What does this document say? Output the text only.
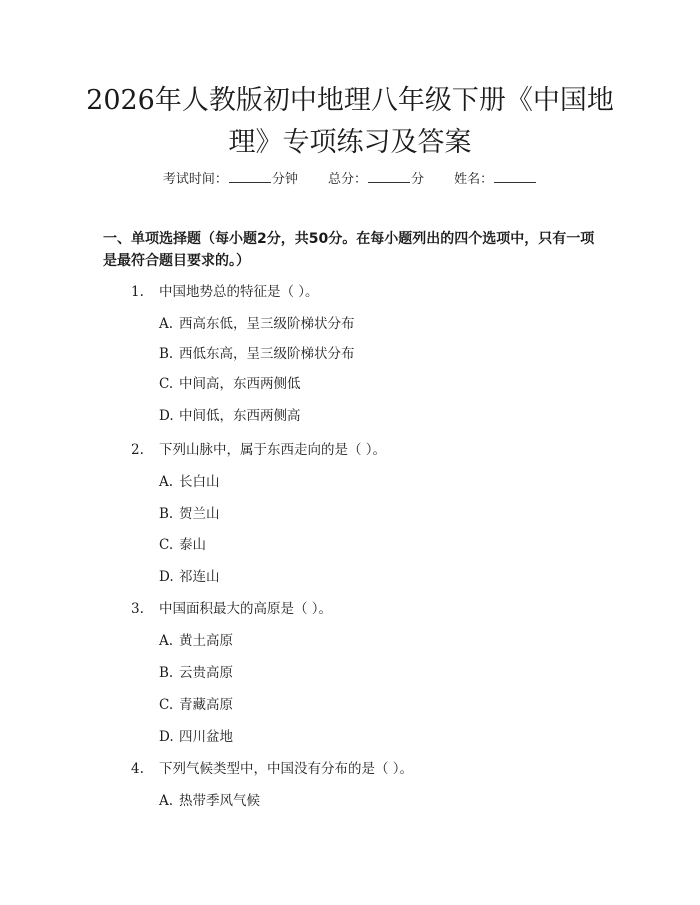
2026年人教版初中地理八年级下册《中国地理》专项练习及答案
考试时间：	分钟 总分：	分 姓名：
一、单项选择题（每小题2分，共50分。在每小题列出的四个选项中，只有一项是最符合题目要求的。）
1. 中国地势总的特征是（ ）。
A. 西高东低，呈三级阶梯状分布
B. 西低东高，呈三级阶梯状分布
C. 中间高，东西两侧低
D. 中间低，东西两侧高
2. 下列山脉中，属于东西走向的是（ ）。
A. 长白山
B. 贺兰山
C. 泰山
D. 祁连山
3. 中国面积最大的高原是（ ）。
A. 黄土高原
B. 云贵高原
C. 青藏高原
D. 四川盆地
4. 下列气候类型中，中国没有分布的是（ ）。
A. 热带季风气候
